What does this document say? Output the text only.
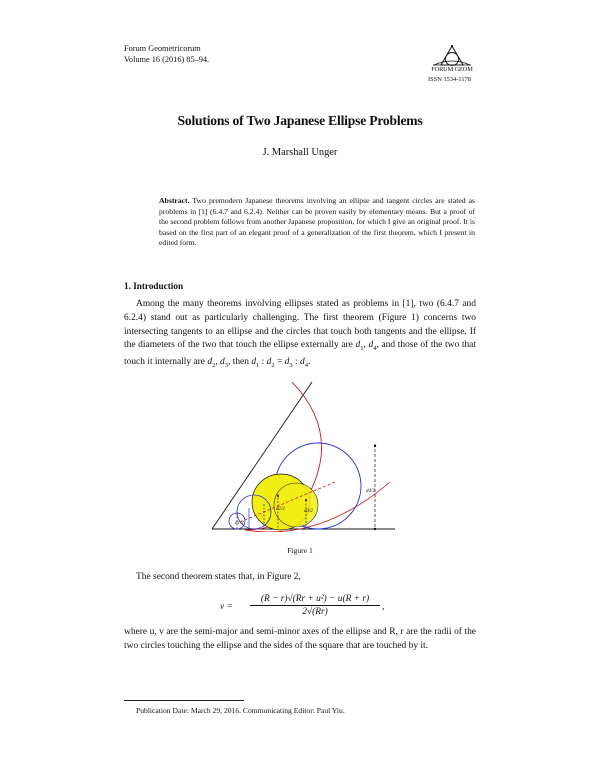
Forum Geometricorum
Volume 16 (2016) 85–94.
FORUM GEOM
ISSN 1534-1178
Solutions of Two Japanese Ellipse Problems
J. Marshall Unger
Abstract. Two premodern Japanese theorems involving an ellipse and tangent circles are stated as problems in [1] (6.4.7 and 6.2.4). Neither can be proven easily by elementary means. But a proof of the second problem follows from another Japanese proposition, for which I give an original proof. It is based on the first part of an elegant proof of a generalization of the first theorem, which I present in edited form.
1. Introduction

Among the many theorems involving ellipses stated as problems in [1], two (6.4.7 and 6.2.4) stand out as particularly challenging. The first theorem (Figure 1) concerns two intersecting tangents to an ellipse and the circles that touch both tangents and the ellipse. If the diameters of the two that touch the ellipse externally are $d_1$, $d_4$, and those of the two that touch it internally are $d_2$, $d_3$, then $d_1$ : $d_2 = d_3$ : $d_4$.

d1/2
d2/2	d3/2
d4/2
Figure 1
The second theorem states that, in Figure 2,
$v = \frac{\text{(R − r)√(Rr + u²) − u(R + r)}}{2√(Rr)}$ ,
where u, v are the semi-major and semi-minor axes of the ellipse and R, r are the radii of the two circles touching the ellipse and the sides of the square that are touched by it.
Publication Date: March 29, 2016. Communicating Editor: Paul Yiu.
